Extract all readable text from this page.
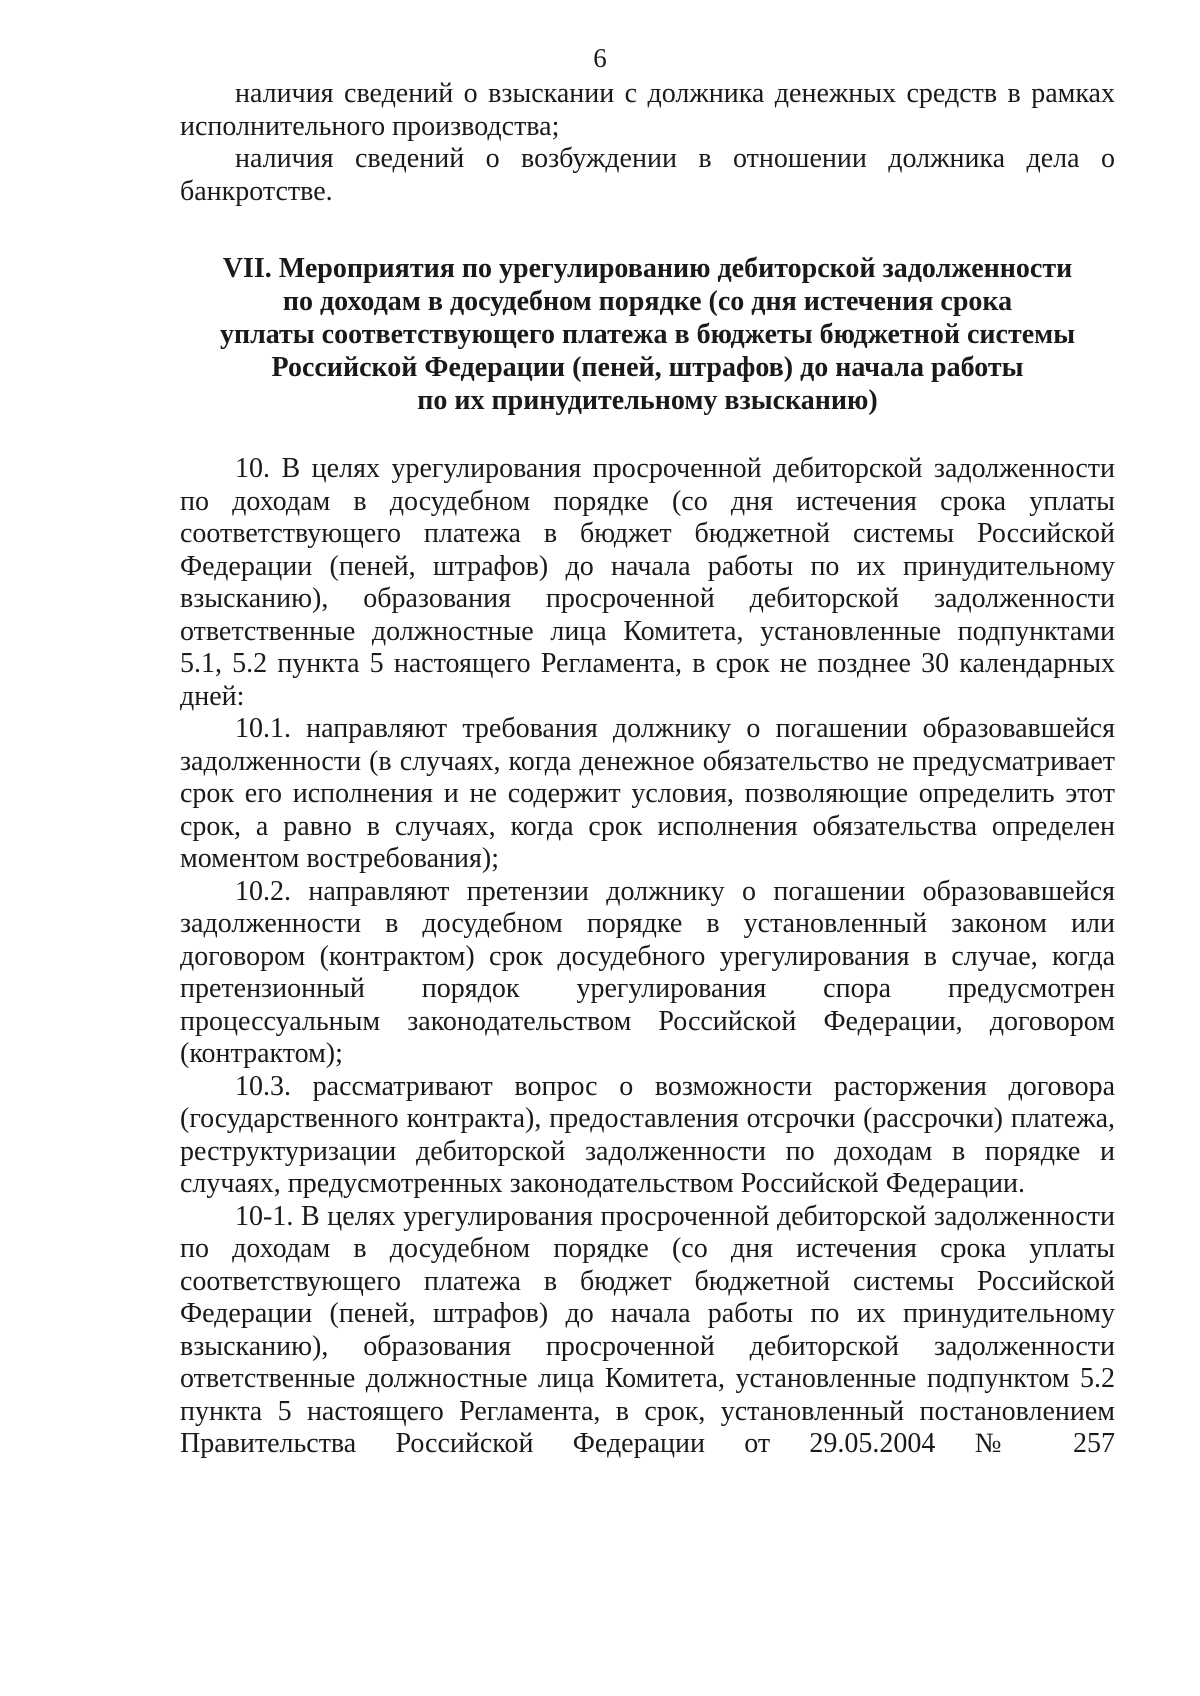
6

наличия сведений о взыскании с должника денежных средств в рамках исполнительного производства;

наличия сведений о возбуждении в отношении должника дела о банкротстве.

VII. Мероприятия по урегулированию дебиторской задолженности
по доходам в досудебном порядке (со дня истечения срока
уплаты соответствующего платежа в бюджеты бюджетной системы
Российской Федерации (пеней, штрафов) до начала работы
по их принудительному взысканию)

10. В целях урегулирования просроченной дебиторской задолженности по доходам в досудебном порядке (со дня истечения срока уплаты соответствующего платежа в бюджет бюджетной системы Российской Федерации (пеней, штрафов) до начала работы по их принудительному взысканию), образования просроченной дебиторской задолженности ответственные должностные лица Комитета, установленные подпунктами 5.1, 5.2 пункта 5 настоящего Регламента, в срок не позднее 30 календарных дней:

10.1. направляют требования должнику о погашении образовавшейся задолженности (в случаях, когда денежное обязательство не предусматривает срок его исполнения и не содержит условия, позволяющие определить этот срок, а равно в случаях, когда срок исполнения обязательства определен моментом востребования);

10.2. направляют претензии должнику о погашении образовавшейся задолженности в досудебном порядке в установленный законом или договором (контрактом) срок досудебного урегулирования в случае, когда претензионный порядок урегулирования спора предусмотрен процессуальным законодательством Российской Федерации, договором (контрактом);

10.3. рассматривают вопрос о возможности расторжения договора (государственного контракта), предоставления отсрочки (рассрочки) платежа, реструктуризации дебиторской задолженности по доходам в порядке и случаях, предусмотренных законодательством Российской Федерации.

10-1. В целях урегулирования просроченной дебиторской задолженности по доходам в досудебном порядке (со дня истечения срока уплаты соответствующего платежа в бюджет бюджетной системы Российской Федерации (пеней, штрафов) до начала работы по их принудительному взысканию), образования просроченной дебиторской задолженности ответственные должностные лица Комитета, установленные подпунктом 5.2 пункта 5 настоящего Регламента, в срок, установленный постановлением Правительства Российской Федерации от 29.05.2004 № 257
